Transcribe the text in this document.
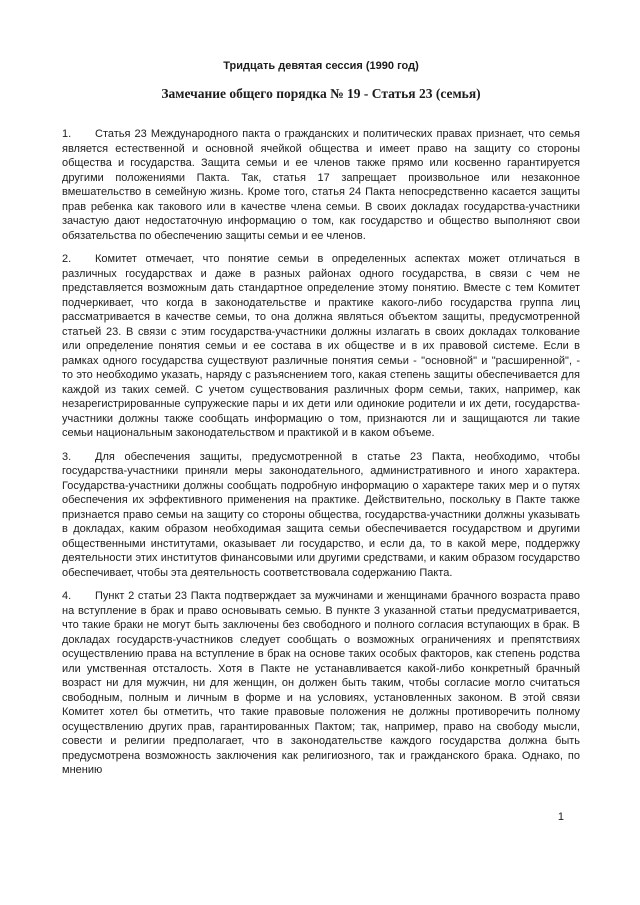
Тридцать девятая сессия (1990 год)
Замечание общего порядка № 19 - Статья 23 (семья)

1. Статья 23 Международного пакта о гражданских и политических правах признает, что семья является естественной и основной ячейкой общества и имеет право на защиту со стороны общества и государства. Защита семьи и ее членов также прямо или косвенно гарантируется другими положениями Пакта. Так, статья 17 запрещает произвольное или незаконное вмешательство в семейную жизнь. Кроме того, статья 24 Пакта непосредственно касается защиты прав ребенка как такового или в качестве члена семьи. В своих докладах государства-участники зачастую дают недостаточную информацию о том, как государство и общество выполняют свои обязательства по обеспечению защиты семьи и ее членов.

2. Комитет отмечает, что понятие семьи в определенных аспектах может отличаться в различных государствах и даже в разных районах одного государства, в связи с чем не представляется возможным дать стандартное определение этому понятию. Вместе с тем Комитет подчеркивает, что когда в законодательстве и практике какого-либо государства группа лиц рассматривается в качестве семьи, то она должна являться объектом защиты, предусмотренной статьей 23. В связи с этим государства-участники должны излагать в своих докладах толкование или определение понятия семьи и ее состава в их обществе и в их правовой системе. Если в рамках одного государства существуют различные понятия семьи - "основной" и "расширенной", - то это необходимо указать, наряду с разъяснением того, какая степень защиты обеспечивается для каждой из таких семей. С учетом существования различных форм семьи, таких, например, как незарегистрированные супружеские пары и их дети или одинокие родители и их дети, государства-участники должны также сообщать информацию о том, признаются ли и защищаются ли такие семьи национальным законодательством и практикой и в каком объеме.

3. Для обеспечения защиты, предусмотренной в статье 23 Пакта, необходимо, чтобы государства-участники приняли меры законодательного, административного и иного характера. Государства-участники должны сообщать подробную информацию о характере таких мер и о путях обеспечения их эффективного применения на практике. Действительно, поскольку в Пакте также признается право семьи на защиту со стороны общества, государства-участники должны указывать в докладах, каким образом необходимая защита семьи обеспечивается государством и другими общественными институтами, оказывает ли государство, и если да, то в какой мере, поддержку деятельности этих институтов финансовыми или другими средствами, и каким образом государство обеспечивает, чтобы эта деятельность соответствовала содержанию Пакта.

4. Пункт 2 статьи 23 Пакта подтверждает за мужчинами и женщинами брачного возраста право на вступление в брак и право основывать семью. В пункте 3 указанной статьи предусматривается, что такие браки не могут быть заключены без свободного и полного согласия вступающих в брак. В докладах государств-участников следует сообщать о возможных ограничениях и препятствиях осуществлению права на вступление в брак на основе таких особых факторов, как степень родства или умственная отсталость. Хотя в Пакте не устанавливается какой-либо конкретный брачный возраст ни для мужчин, ни для женщин, он должен быть таким, чтобы согласие могло считаться свободным, полным и личным в форме и на условиях, установленных законом. В этой связи Комитет хотел бы отметить, что такие правовые положения не должны противоречить полному осуществлению других прав, гарантированных Пактом; так, например, право на свободу мысли, совести и религии предполагает, что в законодательстве каждого государства должна быть предусмотрена возможность заключения как религиозного, так и гражданского брака. Однако, по мнению

1
